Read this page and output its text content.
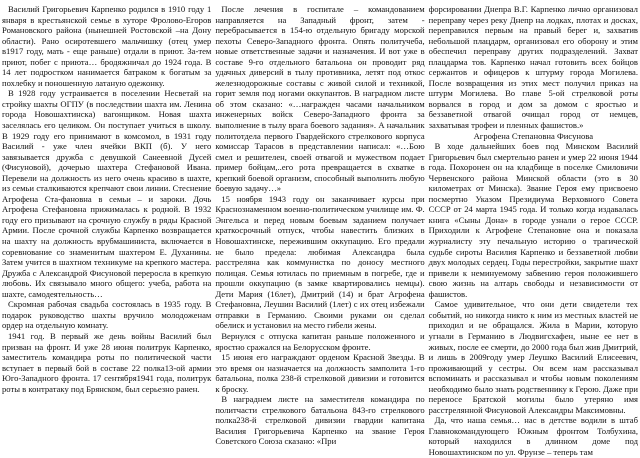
Василий Григорьевич Карпенко родился в 1910 году 1 января в крестьянской семье в хуторе Фролово-Егоров Романовского района (нынешней Ростовской –на Дону области). Рано осиротевшего мальчишку (отец умер в1917 году, мать - еще раньше) отдали в приют. За-тем приют, побег с приюта… бродяжничал до 1924 года. В 14 лет подростком нанимается батраком к богатым за похлебку и поношенную латаную одежонку.

В 1928 году устраивается в поселении Несветай на стройку шахты ОГПУ (в последствии шахта им. Ленина города Новошахтинска) вагонщиком. Новая шахта заселялась его целиком. Он поступает учиться в школу. В 1929 году его принимают в комсомол, в 1931 году Василий - уже член ячейки ВКП (б). У него завязывается дружба с девушкой Санеевной Дусей (Фисуновой), дочерью шахтера Стефановой Ивана. Перевели на должность из него очень красиво в шахте, из семьи сталкиваются крепчают свои линии. Стеснение Агрофена Ста-фановна в семьи – и зароки. Дочь Агрофена Стефановна прижималась к родной. В 1932 году его призывают на срочную службу в ряды Красной Армии. После срочной службы Карпенко возвращается на шахту на должность врубмашиниста, включается в соревнование со знаменитым шахтером Е. Духанины. Затем учится в шахтном техникуме на крепкого мастера. Дружба с Александрой Фисуновой переросла в крепкую любовь. Их связывало много общего: учеба, работа на шахте, самодеятельность…

Скромная рабочая свадьба состоялась в 1935 году. В подарок руководство шахты вручило молодоженам ордер на отдельную комнату.

1941 год. В первый же день войны Василий был призван на фронт. И уже 28 июня политрук Карпенко, заместитель командира роты по политической части вступает в первый бой в составе 22 полка13-ой армии Юго-Западного фронта. 17 сентября1941 года, политрук роты в контратаку под Брянском, был серьезно ранен.

После лечения в госпитале – командованием направляется на Западный фронт, затем - перебрасывается в 154-ю отдельную бригаду морской пехоты Северо-Западного фронта. Опять политучеба, новые ответственные задачи и назначения. И вот уже в составе 9-го отдельного батальона он проводит ряд удачных диверсий в тылу противника, летят под откос железнодорожные составы с живой силой и техникой, горит земля под ногами оккупантов. В наградном листе об этом сказано: «…награжден часами начальником инженерных войск Северо-Западного фронта за выполнение в тылу врага боевого задания». А начальник политотдела первого Гвардейского стрелкового корпуса комиссар Тарасов в представлении написал: «…Бою смел и решителен, своей отвагой и мужеством подает пример бойцам,..его рота превращается в схватке в крепкий боевой организм, способный выполнить любую боевую задачу…»

15 ноября 1943 году он заканчивает курсы при Краснознаменном военно-политическом училище им. Ф. Энгельса и перед новым боевым заданием получает краткосрочный отпуск, чтобы навестить близких в Новошахтинске, пережившим оккупацию. Его предали не было предела: любимая Александра была расстреляна как коммунистка по доносу местного полицая. Семья ютилась по приемным в погребе, где и прошли оккупацию (в замке квартировались немцы). Дети Мария (16лет), Дмитрий (14) и брат Агрофена Стефановна, Леушин Василий (1лет) с их отец избежали отправки в Германию. Своими руками он сделал обелиск и установил на место гибели жены.

Вернулся с отпуска капитан раньше положенного и яростно сражался на Белорусском фронте.

15 июня его награждают орденом Красной Звезды. В это время он назначается на должность замполита 1-го батальона, полка 238-й стрелковой дивизии и готовится к броску.

В награднем листе на заместителя командира по политчасти стрелкового батальона 843-го стрелкового полка238-й стрелковой дивизии гвардии капитана Василия Григорьевича Карпенко на звание Героя Советского Союза сказано: «При

форсировании Днепра В.Г. Карпенко лично организовал переправу через реку Днепр на лодках, плотах и досках, переправился первым на правый берег и, захватив небольшой плацдарм, организовал его оборону и этим обеспечил переправу других подразделений. Захват плацдарма тов. Карпенко начал готовить всех бойцов сержантов и офицеров к штурму города Могилева. После возвращения из этих мест получил приказ на штурм Могилева. Во главе 5-ой стрелковой роты ворвался в город и дом за домом с яростью и беззаветной отвагой очищал город от немцев, захватывая трофеи и пленных фашистов.»

Агрофена Степановна Фисунова

В ходе дальнейших боев под Минском Василий Григорьевич был смертельно ранен и умер 22 июня 1944 года. Похоронен он на кладбище в поселке Смиловичи Червенского района Минской области (это в 30 километрах от Минска). Звание Героя ему присвоено посмертно Указом Президиума Верховного Совета СССР от 24 марта 1945 года. И только когда издавалась книга «Сыны Дона» в городе узнали о герое СССР. Приходили к Агрофене Степановне она и показала журналисту эту печальную историю о трагической судьбе сироты Василия Карпенко и беззаветной любви двух молодых сердец. Годы перестройки, закрытие шахт привели к неминуемому забвению героя положившего свою жизнь на алтарь свободы и независимости от фашистов.

Самое удивительное, что они дети свидетели тех событий, но никогда никто к ним из местных властей не приходил и не обращался. Жила в Марии, которую угнали в Германию в Людвигсхафен, ныне ее нет в живых, после ее смерти, до 2000 года был жив Дмитрий, и лишь в 2009году умер Леушко Василий Елисеевич, проживающий у сестры. Он всем нам рассказывал вспоминать и рассказывал и чтобы новым поколениям необходимо было знать родственнику к Герою. Даже при переносе Братской могилы было утеряно имя расстрелянной Фисуновой Александры Максимовны.

Да, что наша семья… нас в детстве водили в штаб Главнокомандующего Южным фронтом Толбухина, который находился в длинном доме под Новошахтинском по ул. Фрунзе – теперь там
